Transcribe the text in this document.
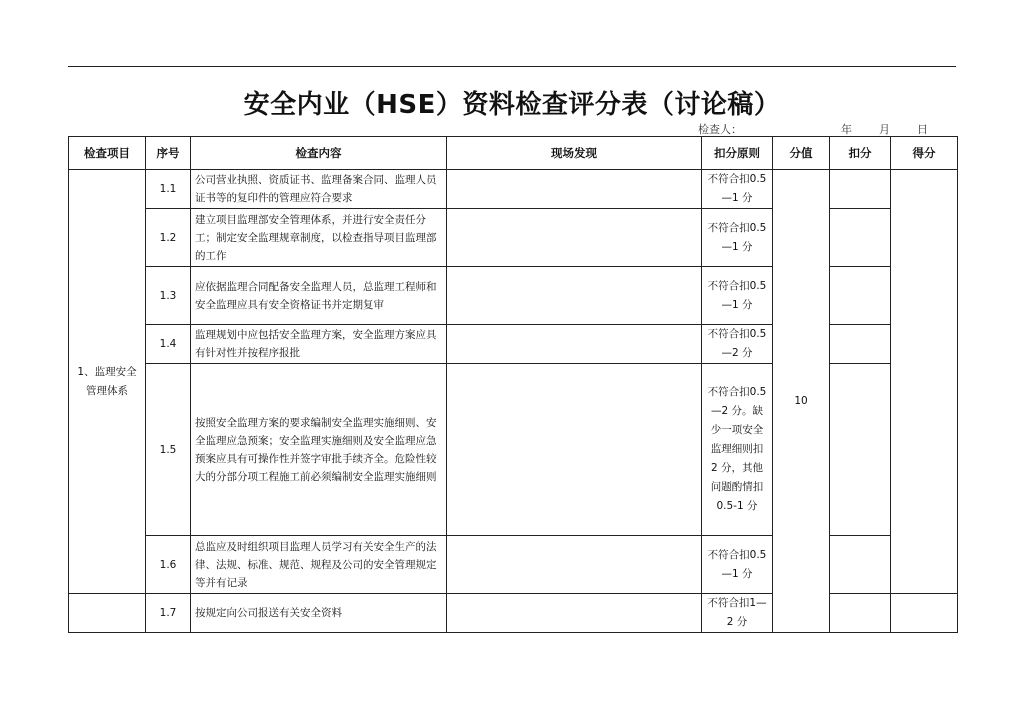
安全内业（HSE）资料检查评分表（讨论稿）
检查人：	年 月 日
检查项目	序号	检查内容	现场发现	扣分原则	分值	扣分	得分
1、监理安全管理体系	1.1	公司营业执照、资质证书、监理备案合同、监理人员证书等的复印件的管理应符合要求		不符合扣0.5—1 分	10		
	1.2	建立项目监理部安全管理体系，并进行安全责任分工；制定安全监理规章制度，以检查指导项目监理部的工作		不符合扣0.5—1 分			
	1.3	应依据监理合同配备安全监理人员，总监理工程师和安全监理应具有安全资格证书并定期复审		不符合扣0.5—1 分			
	1.4	监理规划中应包括安全监理方案，安全监理方案应具有针对性并按程序报批		不符合扣0.5—2 分			
	1.5	按照安全监理方案的要求编制安全监理实施细则、安全监理应急预案；安全监理实施细则及安全监理应急预案应具有可操作性并签字审批手续齐全。危险性较大的分部分项工程施工前必须编制安全监理实施细则		不符合扣0.5—2 分。缺少一项安全监理细则扣 2 分，其他问题酌情扣 0.5-1 分			
	1.6	总监应及时组织项目监理人员学习有关安全生产的法律、法规、标准、规范、规程及公司的安全管理规定等并有记录		不符合扣0.5—1 分			
	1.7	按规定向公司报送有关安全资料		不符合扣1—2 分			
